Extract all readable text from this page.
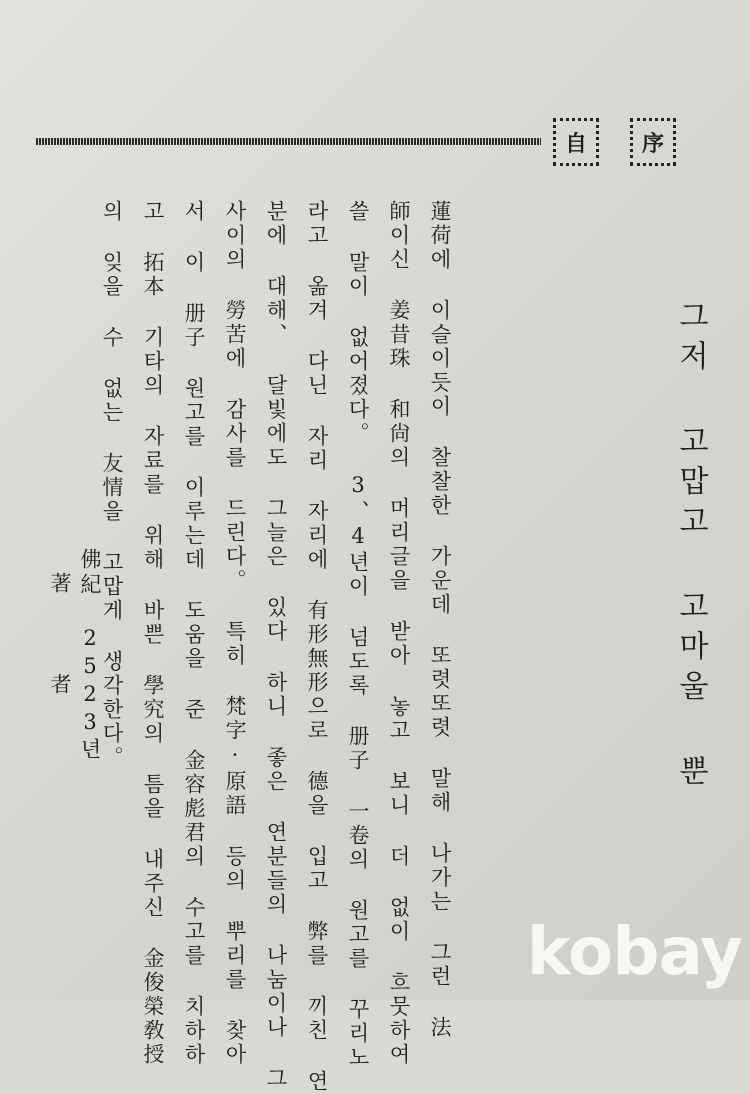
自 序
그저 고맙고 고마울 뿐
蓮荷에 이슬이듯이 찰찰한 가운데 또렷또렷 말해 나가는 그런 法
師이신 姜昔珠 和尙의 머리글을 받아 놓고 보니 더 없이 흐뭇하여
쓸 말이 없어졌다。 3、4년이 넘도록 册子 一卷의 원고를 꾸리노
라고 옮겨 다닌 자리 자리에 有形無形으로 德을 입고 弊를 끼친 연
분에 대해、 달빛에도 그늘은 있다 하니 좋은 연분들의 나눔이나 그
사이의 勞苦에 감사를 드린다。 특히 梵字·原語 등의 뿌리를 찾아
서 이 册子 원고를 이루는데 도움을 준 金容彪君의 수고를 치하하
고 拓本 기타의 자료를 위해 바쁜 學究의 틈을 내주신 金俊榮敎授
의 잊을 수 없는 友情을 고맙게 생각한다。
佛紀 2523년
著 者
kobay
